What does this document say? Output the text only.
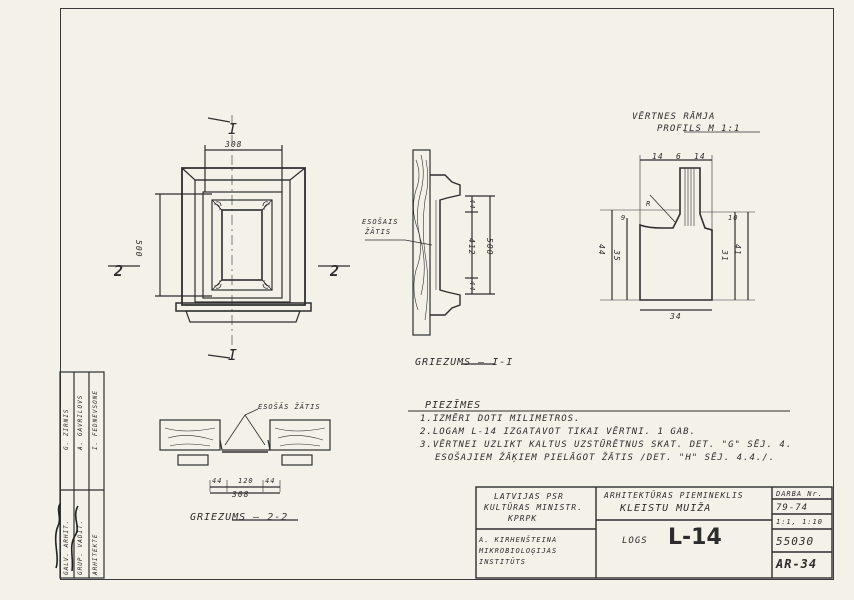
I
I
2	2
308
500
ESOŠAIS
ŽĀTIS
412 500
44
44
GRIEZUMS — I-I
VĒRTNES RĀMJA
PROFILS M 1:1
14 6 14
34
44
35
9
41
31
10
R
ESOŠĀS ŽĀTIS
44 120 44
308
GRIEZUMS — 2-2
PIEZĪMES
1.IZMĒRI DOTI MILIMETROS.
2.LOGAM L-14 IZGATAVOT TIKAI VĒRTNI. 1 GAB.
3.VĒRTNEI UZLIKT KALTUS UZSTŪRĒTNUS SKAT. DET. "G" SĒJ. 4.
ESOŠAJIEM ŽĀĶIEM PIELĀGOT ŽĀTIS /DET. "H" SĒJ. 4.4./.
LATVIJAS PSR
KULTŪRAS MINISTR.
KPRPK
A. KIRHENŠTEINA
MIKROBIOLOĢIJAS
INSTITŪTS
ARHITEKTŪRAS PIEMINEKLIS
KLEISTU MUIŽA
LOGS L-14
DARBA Nr.
79-74
1:1, 1:10
55030
AR-34
GALV. ARHIT. GRUP. VADĪT. ARHITEKTE
G. ZIRNIS A. GAVRILOVS I. FEDNEVSONE
